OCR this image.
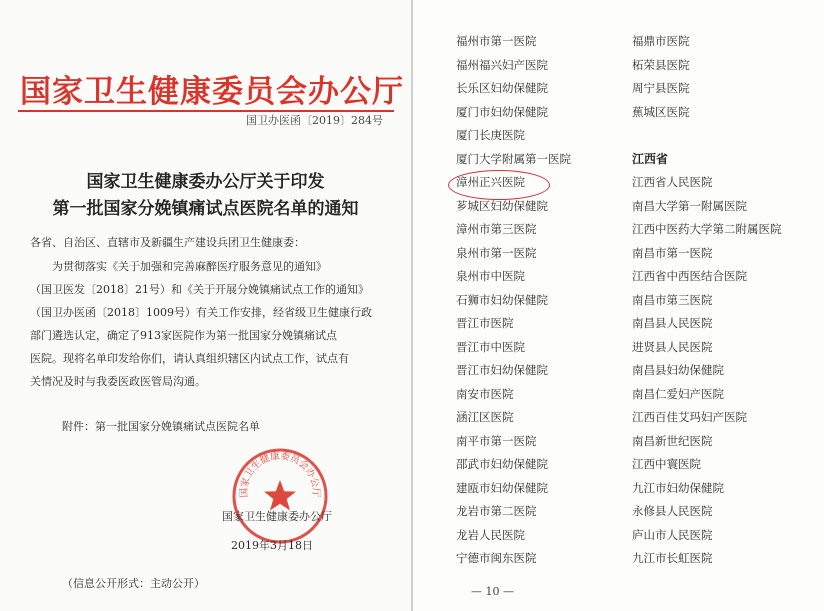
国家卫生健康委员会办公厅
国卫办医函〔2019〕284号
国家卫生健康委办公厅关于印发
第一批国家分娩镇痛试点医院名单的通知
各省、自治区、直辖市及新疆生产建设兵团卫生健康委：
　　为贯彻落实《关于加强和完善麻醉医疗服务意见的通知》
（国卫医发〔2018〕21号）和《关于开展分娩镇痛试点工作的通知》
（国卫办医函〔2018〕1009号）有关工作安排，经省级卫生健康行政
部门遴选认定，确定了913家医院作为第一批国家分娩镇痛试点
医院。现将名单印发给你们，请认真组织辖区内试点工作，试点有
关情况及时与我委医政医管局沟通。
附件：第一批国家分娩镇痛试点医院名单
国家卫生健康委员会办公厅
国家卫生健康委办公厅
2019年3月18日
（信息公开形式：主动公开）
福州市第一医院
福州福兴妇产医院
长乐区妇幼保健院
厦门市妇幼保健院
厦门长庚医院
厦门大学附属第一医院
漳州正兴医院
芗城区妇幼保健院
漳州市第三医院
泉州市第一医院
泉州市中医院
石狮市妇幼保健院
晋江市医院
晋江市中医院
晋江市妇幼保健院
南安市医院
涵江区医院
南平市第一医院
邵武市妇幼保健院
建瓯市妇幼保健院
龙岩市第二医院
龙岩人民医院
宁德市闽东医院
福鼎市医院
柘荣县医院
周宁县医院
蕉城区医院
江西省
江西省人民医院
南昌大学第一附属医院
江西中医药大学第二附属医院
南昌市第一医院
江西省中西医结合医院
南昌市第三医院
南昌县人民医院
进贤县人民医院
南昌县妇幼保健院
南昌仁爱妇产医院
江西百佳艾玛妇产医院
南昌新世纪医院
江西中寰医院
九江市妇幼保健院
永修县人民医院
庐山市人民医院
九江市长虹医院
— 10 —
